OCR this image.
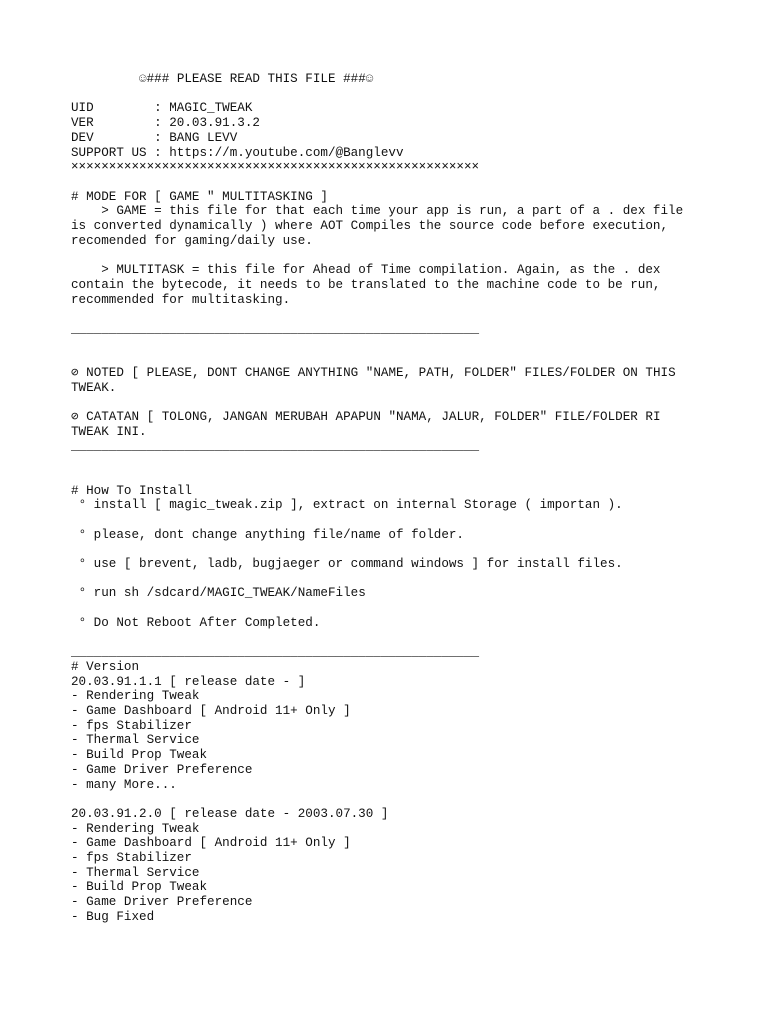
☺### PLEASE READ THIS FILE ###☺
UID        : MAGIC_TWEAK
VER        : 20.03.91.3.2
DEV        : BANG LEVV
SUPPORT US : https://m.youtube.com/@Banglevv
××××××××××××××××××××××××××××××××××××××××××××××××××××××
# MODE FOR [ GAME " MULTITASKING ]
> GAME = this file for that each time your app is run, a part of a . dex file
is converted dynamically ) where AOT Compiles the source code before execution,
recomended for gaming/daily use.
> MULTITASK = this file for Ahead of Time compilation. Again, as the . dex
contain the bytecode, it needs to be translated to the machine code to be run,
recommended for multitasking.
______________________________________________________
⊘ NOTED [ PLEASE, DONT CHANGE ANYTHING "NAME, PATH, FOLDER" FILES/FOLDER ON THIS
TWEAK.
⊘ CATATAN [ TOLONG, JANGAN MERUBAH APAPUN "NAMA, JALUR, FOLDER" FILE/FOLDER RI
TWEAK INI.
______________________________________________________
# How To Install
° install [ magic_tweak.zip ], extract on internal Storage ( importan ).
° please, dont change anything file/name of folder.
° use [ brevent, ladb, bugjaeger or command windows ] for install files.
° run sh /sdcard/MAGIC_TWEAK/NameFiles
° Do Not Reboot After Completed.
______________________________________________________
# Version
20.03.91.1.1 [ release date - ]
- Rendering Tweak
- Game Dashboard [ Android 11+ Only ]
- fps Stabilizer
- Thermal Service
- Build Prop Tweak
- Game Driver Preference
- many More...
20.03.91.2.0 [ release date - 2003.07.30 ]
- Rendering Tweak
- Game Dashboard [ Android 11+ Only ]
- fps Stabilizer
- Thermal Service
- Build Prop Tweak
- Game Driver Preference
- Bug Fixed
